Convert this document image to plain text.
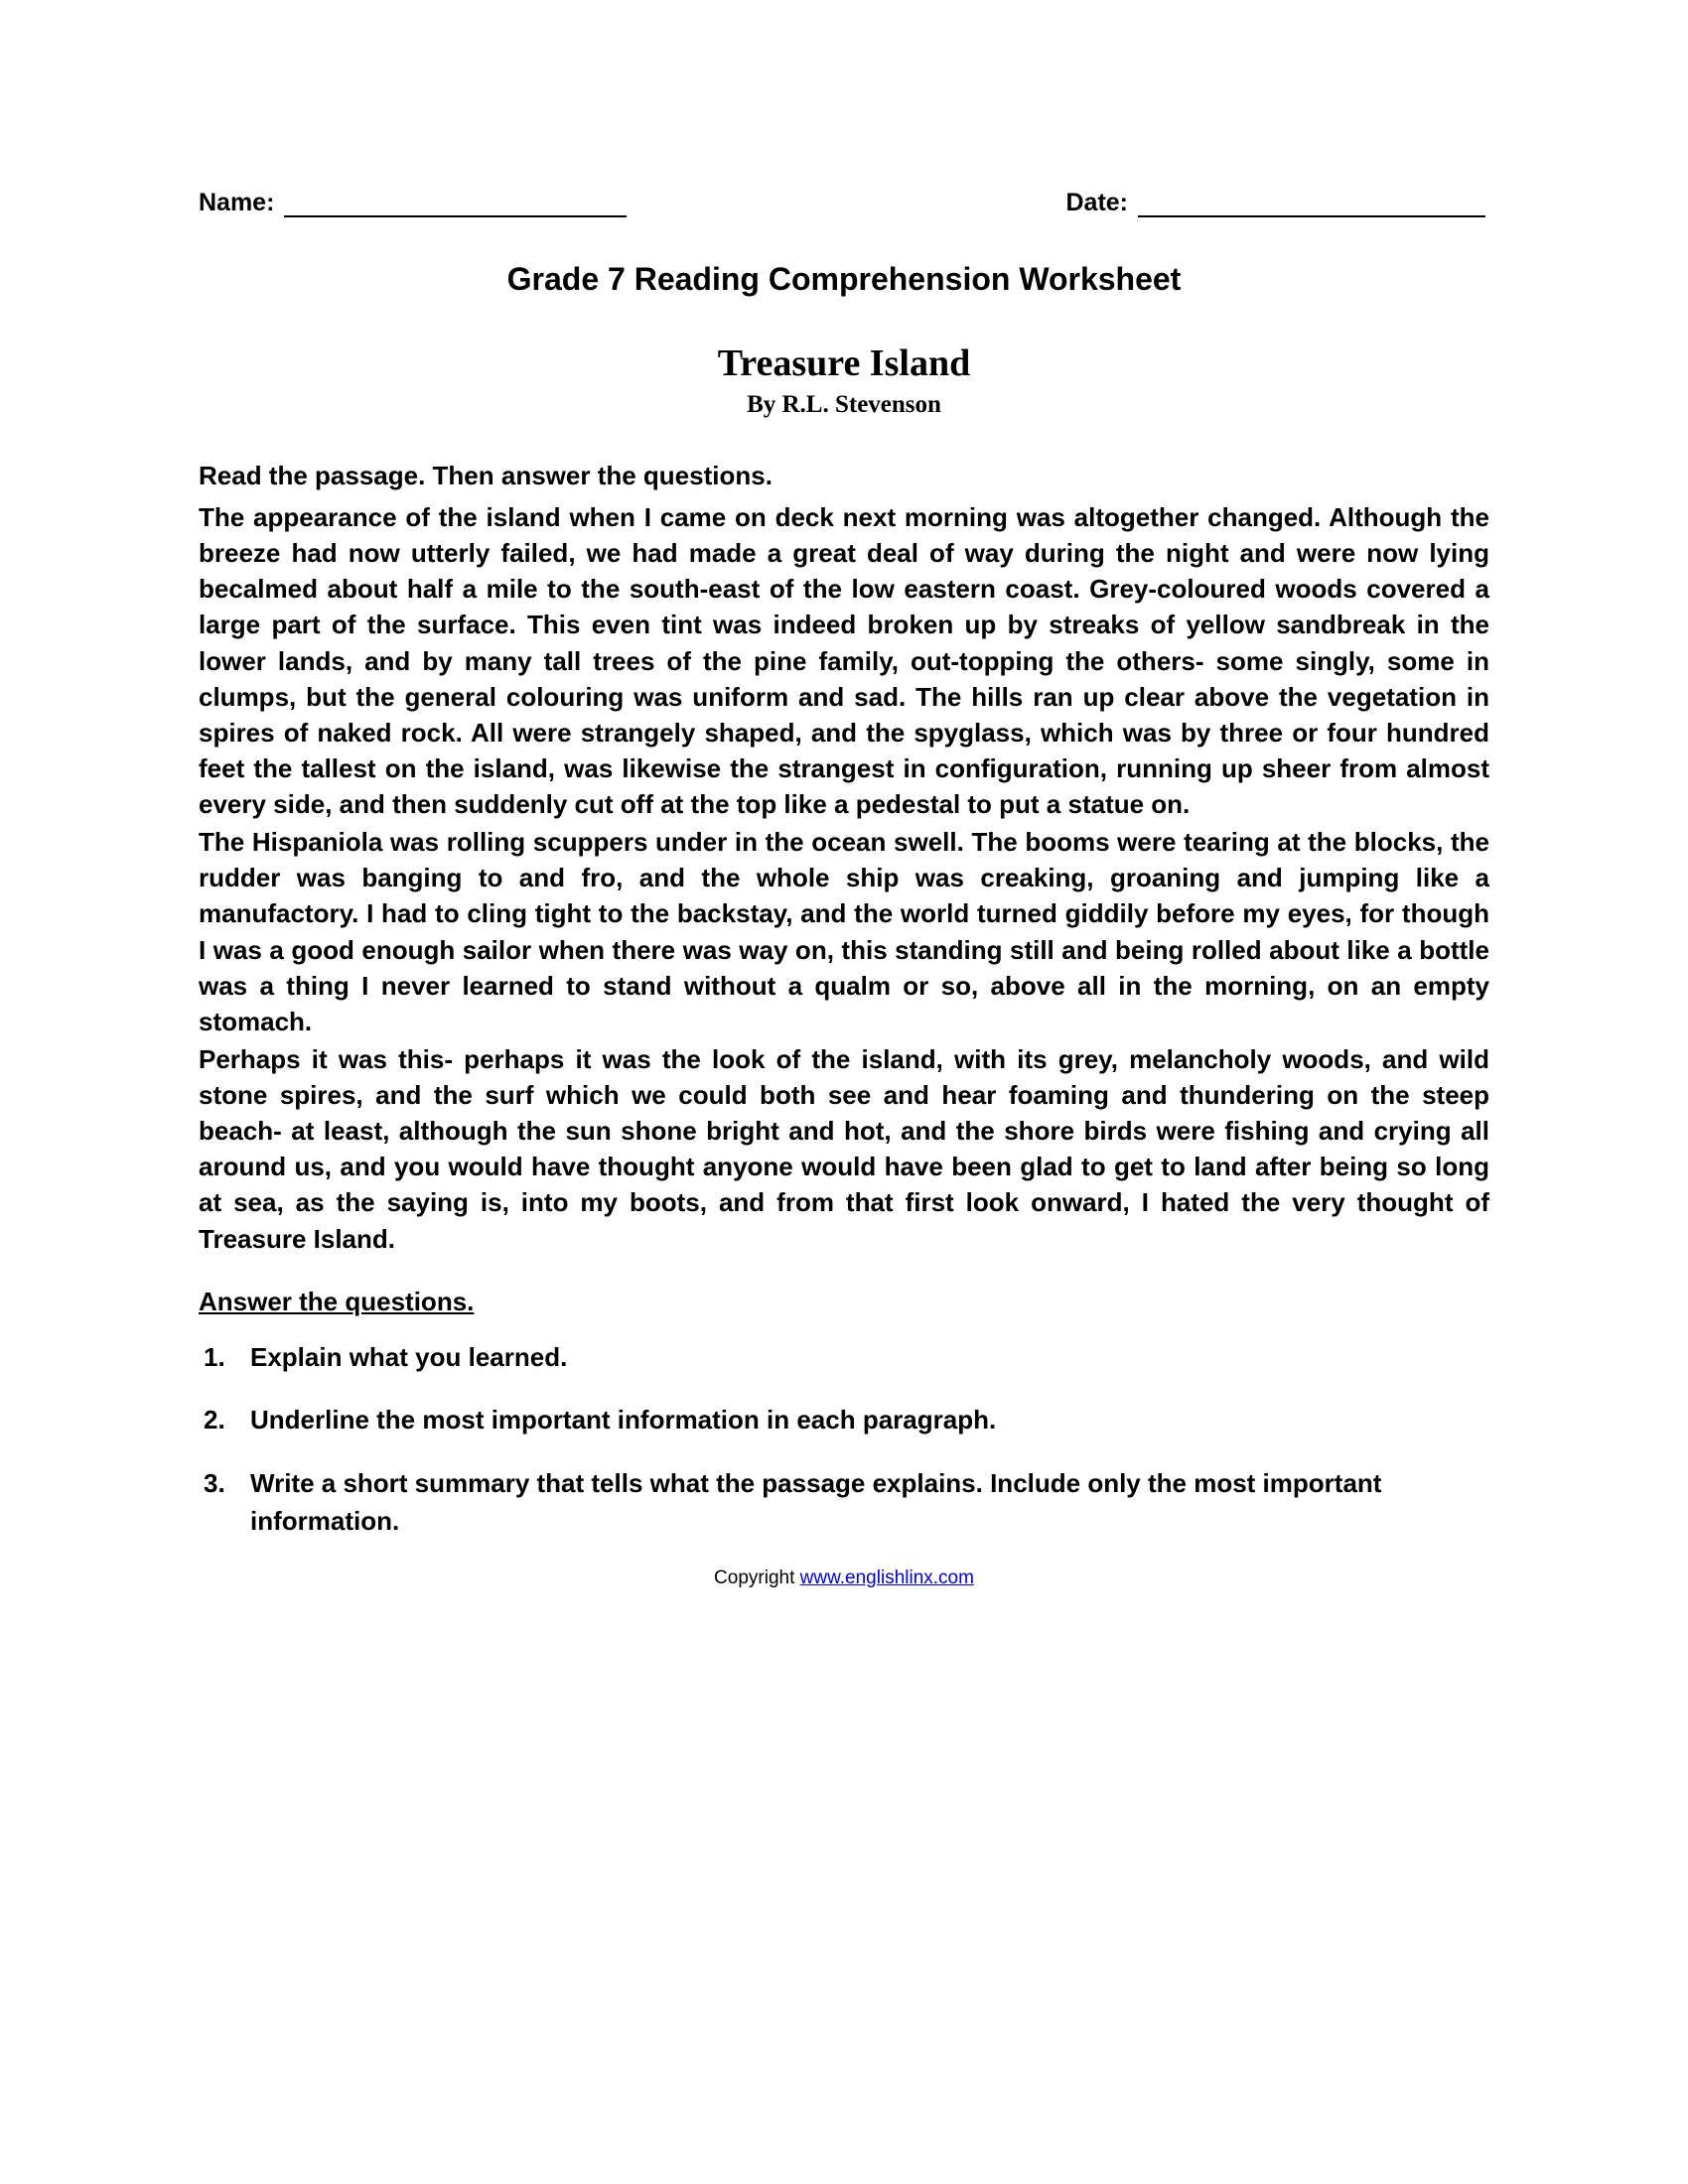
Name:	Date:
Grade 7 Reading Comprehension Worksheet
Treasure Island
By R.L. Stevenson

Read the passage. Then answer the questions.

The appearance of the island when I came on deck next morning was altogether changed. Although the breeze had now utterly failed, we had made a great deal of way during the night and were now lying becalmed about half a mile to the south-east of the low eastern coast. Grey-coloured woods covered a large part of the surface. This even tint was indeed broken up by streaks of yellow sandbreak in the lower lands, and by many tall trees of the pine family, out-topping the others- some singly, some in clumps, but the general colouring was uniform and sad. The hills ran up clear above the vegetation in spires of naked rock. All were strangely shaped, and the spyglass, which was by three or four hundred feet the tallest on the island, was likewise the strangest in configuration, running up sheer from almost every side, and then suddenly cut off at the top like a pedestal to put a statue on.

The Hispaniola was rolling scuppers under in the ocean swell. The booms were tearing at the blocks, the rudder was banging to and fro, and the whole ship was creaking, groaning and jumping like a manufactory. I had to cling tight to the backstay, and the world turned giddily before my eyes, for though I was a good enough sailor when there was way on, this standing still and being rolled about like a bottle was a thing I never learned to stand without a qualm or so, above all in the morning, on an empty stomach.

Perhaps it was this- perhaps it was the look of the island, with its grey, melancholy woods, and wild stone spires, and the surf which we could both see and hear foaming and thundering on the steep beach- at least, although the sun shone bright and hot, and the shore birds were fishing and crying all around us, and you would have thought anyone would have been glad to get to land after being so long at sea, as the saying is, into my boots, and from that first look onward, I hated the very thought of Treasure Island.

Answer the questions.
Explain what you learned.
Underline the most important information in each paragraph.
Write a short summary that tells what the passage explains. Include only the most important information.
Copyright www.englishlinx.com
